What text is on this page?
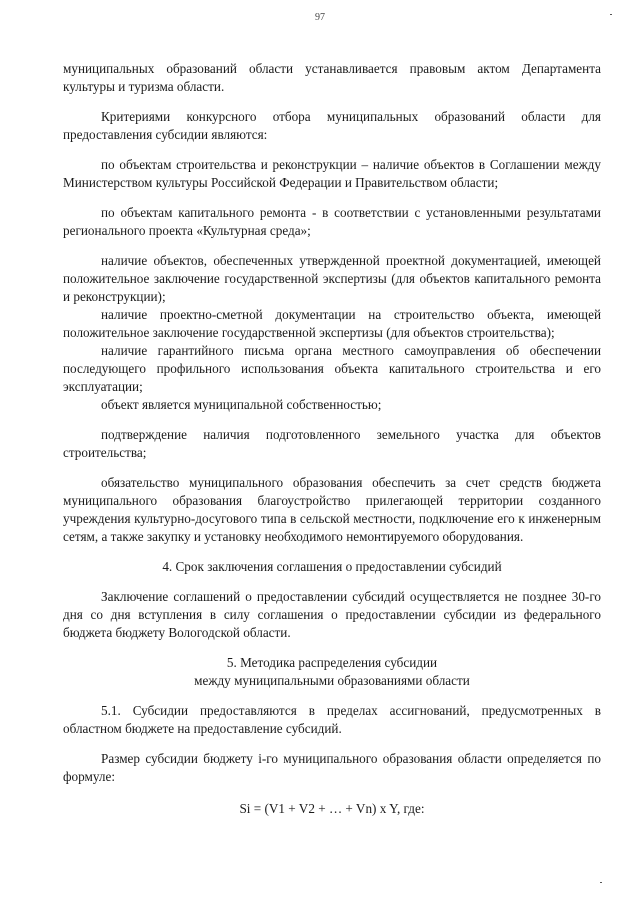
97

муниципальных образований области устанавливается правовым актом Департамента культуры и туризма области.

Критериями конкурсного отбора муниципальных образований области для предоставления субсидии являются:

по объектам строительства и реконструкции – наличие объектов в Соглашении между Министерством культуры Российской Федерации и Правительством области;

по объектам капитального ремонта - в соответствии с установленными результатами регионального проекта «Культурная среда»;

наличие объектов, обеспеченных утвержденной проектной документацией, имеющей положительное заключение государственной экспертизы (для объектов капитального ремонта и реконструкции);

наличие проектно-сметной документации на строительство объекта, имеющей положительное заключение государственной экспертизы (для объектов строительства);

наличие гарантийного письма органа местного самоуправления об обеспечении последующего профильного использования объекта капитального строительства и его эксплуатации;

объект является муниципальной собственностью;

подтверждение наличия подготовленного земельного участка для объектов строительства;

обязательство муниципального образования обеспечить за счет средств бюджета муниципального образования благоустройство прилегающей территории созданного учреждения культурно-досугового типа в сельской местности, подключение его к инженерным сетям, а также закупку и установку необходимого немонтируемого оборудования.

4. Срок заключения соглашения о предоставлении субсидий

Заключение соглашений о предоставлении субсидий осуществляется не позднее 30-го дня со дня вступления в силу соглашения о предоставлении субсидии из федерального бюджета бюджету Вологодской области.

5. Методика распределения субсидии

между муниципальными образованиями области

5.1. Субсидии предоставляются в пределах ассигнований, предусмотренных в областном бюджете на предоставление субсидий.

Размер субсидии бюджету i-го муниципального образования области определяется по формуле:

Si = (V1 + V2 + … + Vn) x Y, где:
